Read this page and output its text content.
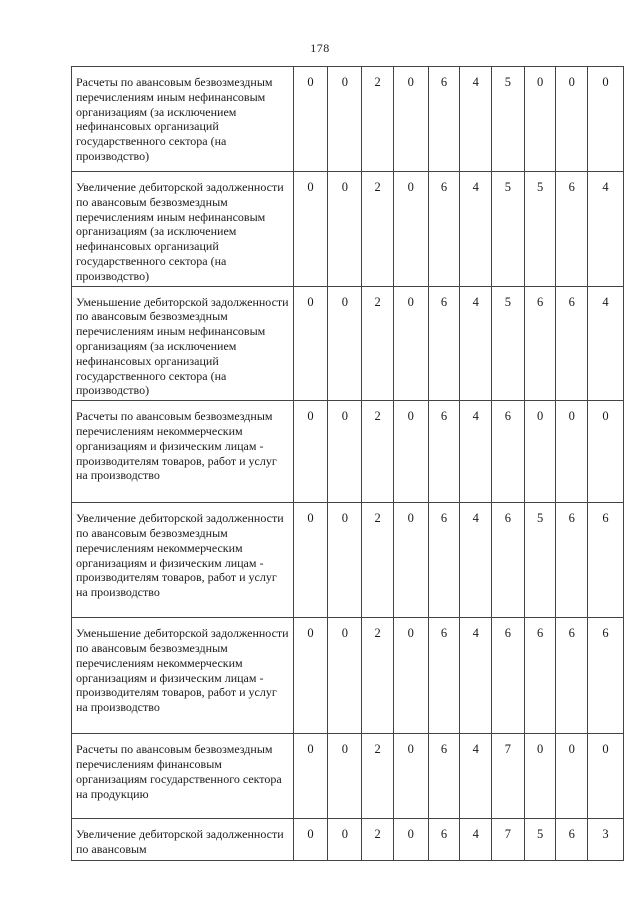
178
Расчеты по авансовым безвозмездным перечислениям иным нефинансовым организациям (за исключением нефинансовых организаций государственного сектора (на производство)	0	0	2	0	6	4	5	0	0	0
Увеличение дебиторской задолженности по авансовым безвозмездным перечислениям иным нефинансовым организациям (за исключением нефинансовых организаций государственного сектора (на производство)	0	0	2	0	6	4	5	5	6	4
Уменьшение дебиторской задолженности по авансовым безвозмездным перечислениям иным нефинансовым организациям (за исключением нефинансовых организаций государственного сектора (на производство)	0	0	2	0	6	4	5	6	6	4
Расчеты по авансовым безвозмездным перечислениям некоммерческим организациям и физическим лицам - производителям товаров, работ и услуг на производство	0	0	2	0	6	4	6	0	0	0
Увеличение дебиторской задолженности по авансовым безвозмездным перечислениям некоммерческим организациям и физическим лицам - производителям товаров, работ и услуг на производство	0	0	2	0	6	4	6	5	6	6
Уменьшение дебиторской задолженности по авансовым безвозмездным перечислениям некоммерческим организациям и физическим лицам - производителям товаров, работ и услуг на производство	0	0	2	0	6	4	6	6	6	6
Расчеты по авансовым безвозмездным перечислениям финансовым организациям государственного сектора на продукцию	0	0	2	0	6	4	7	0	0	0
Увеличение дебиторской задолженности по авансовым	0	0	2	0	6	4	7	5	6	3
